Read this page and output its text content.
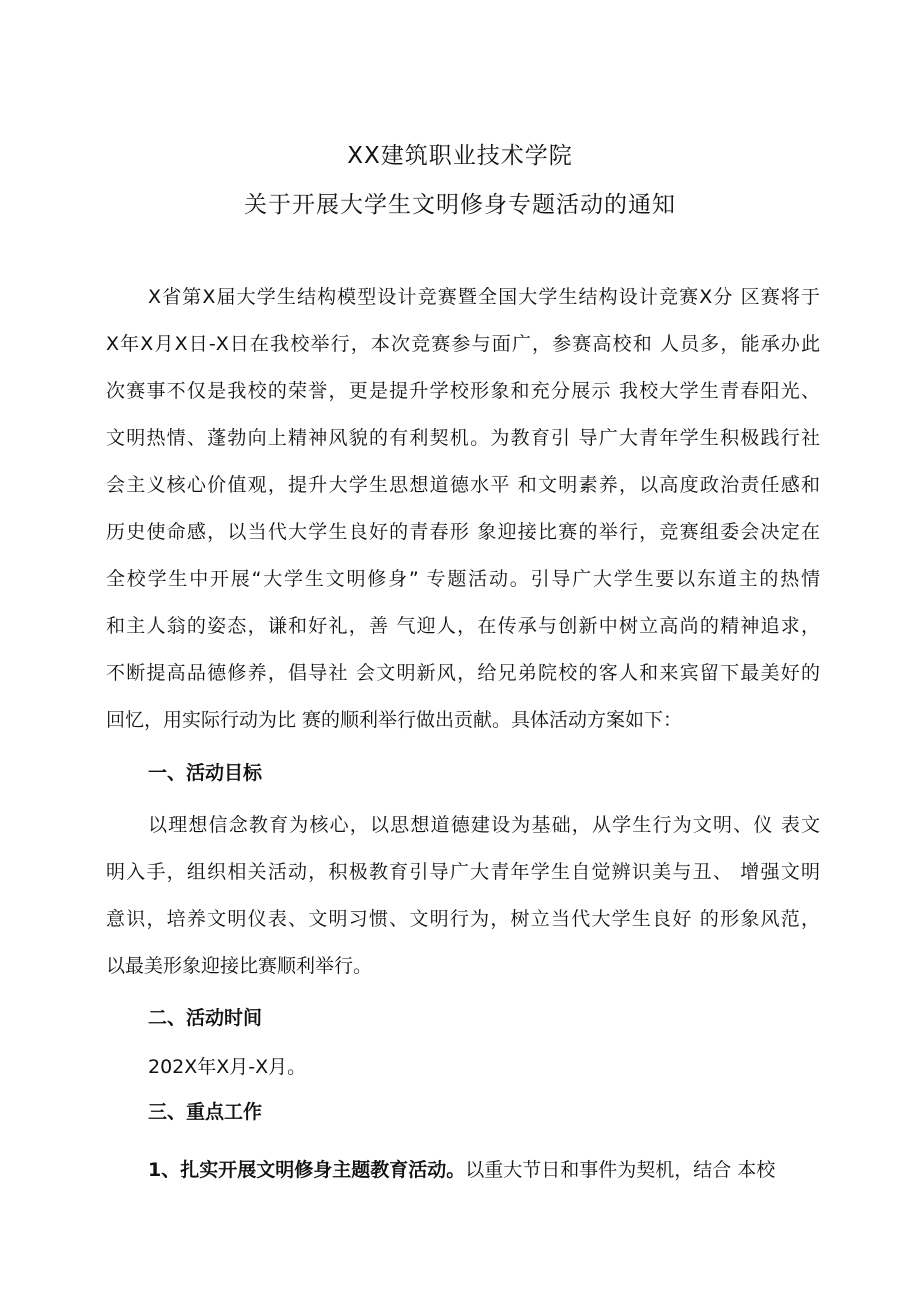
XX建筑职业技术学院
关于开展大学生文明修身专题活动的通知
X省第X届大学生结构模型设计竞赛暨全国大学生结构设计竞赛X分 区赛将于
X年X月X日-X日在我校举行，本次竞赛参与面广，参赛高校和 人员多，能承办此
次赛事不仅是我校的荣誉，更是提升学校形象和充分展示 我校大学生青春阳光、
文明热情、蓬勃向上精神风貌的有利契机。为教育引 导广大青年学生积极践行社
会主义核心价值观，提升大学生思想道德水平 和文明素养，以高度政治责任感和
历史使命感，以当代大学生良好的青春形 象迎接比赛的举行，竞赛组委会决定在
全校学生中开展“大学生文明修身” 专题活动。引导广大学生要以东道主的热情
和主人翁的姿态，谦和好礼，善 气迎人，在传承与创新中树立高尚的精神追求，
不断提高品德修养，倡导社 会文明新风，给兄弟院校的客人和来宾留下最美好的
回忆，用实际行动为比 赛的顺利举行做出贡献。具体活动方案如下：
一、活动目标
以理想信念教育为核心，以思想道德建设为基础，从学生行为文明、仪 表文
明入手，组织相关活动，积极教育引导广大青年学生自觉辨识美与丑、 增强文明
意识，培养文明仪表、文明习惯、文明行为，树立当代大学生良好 的形象风范，
以最美形象迎接比赛顺利举行。
二、活动时间
202X年X月-X月。
三、重点工作
1、扎实开展文明修身主题教育活动。以重大节日和事件为契机，结合 本校
